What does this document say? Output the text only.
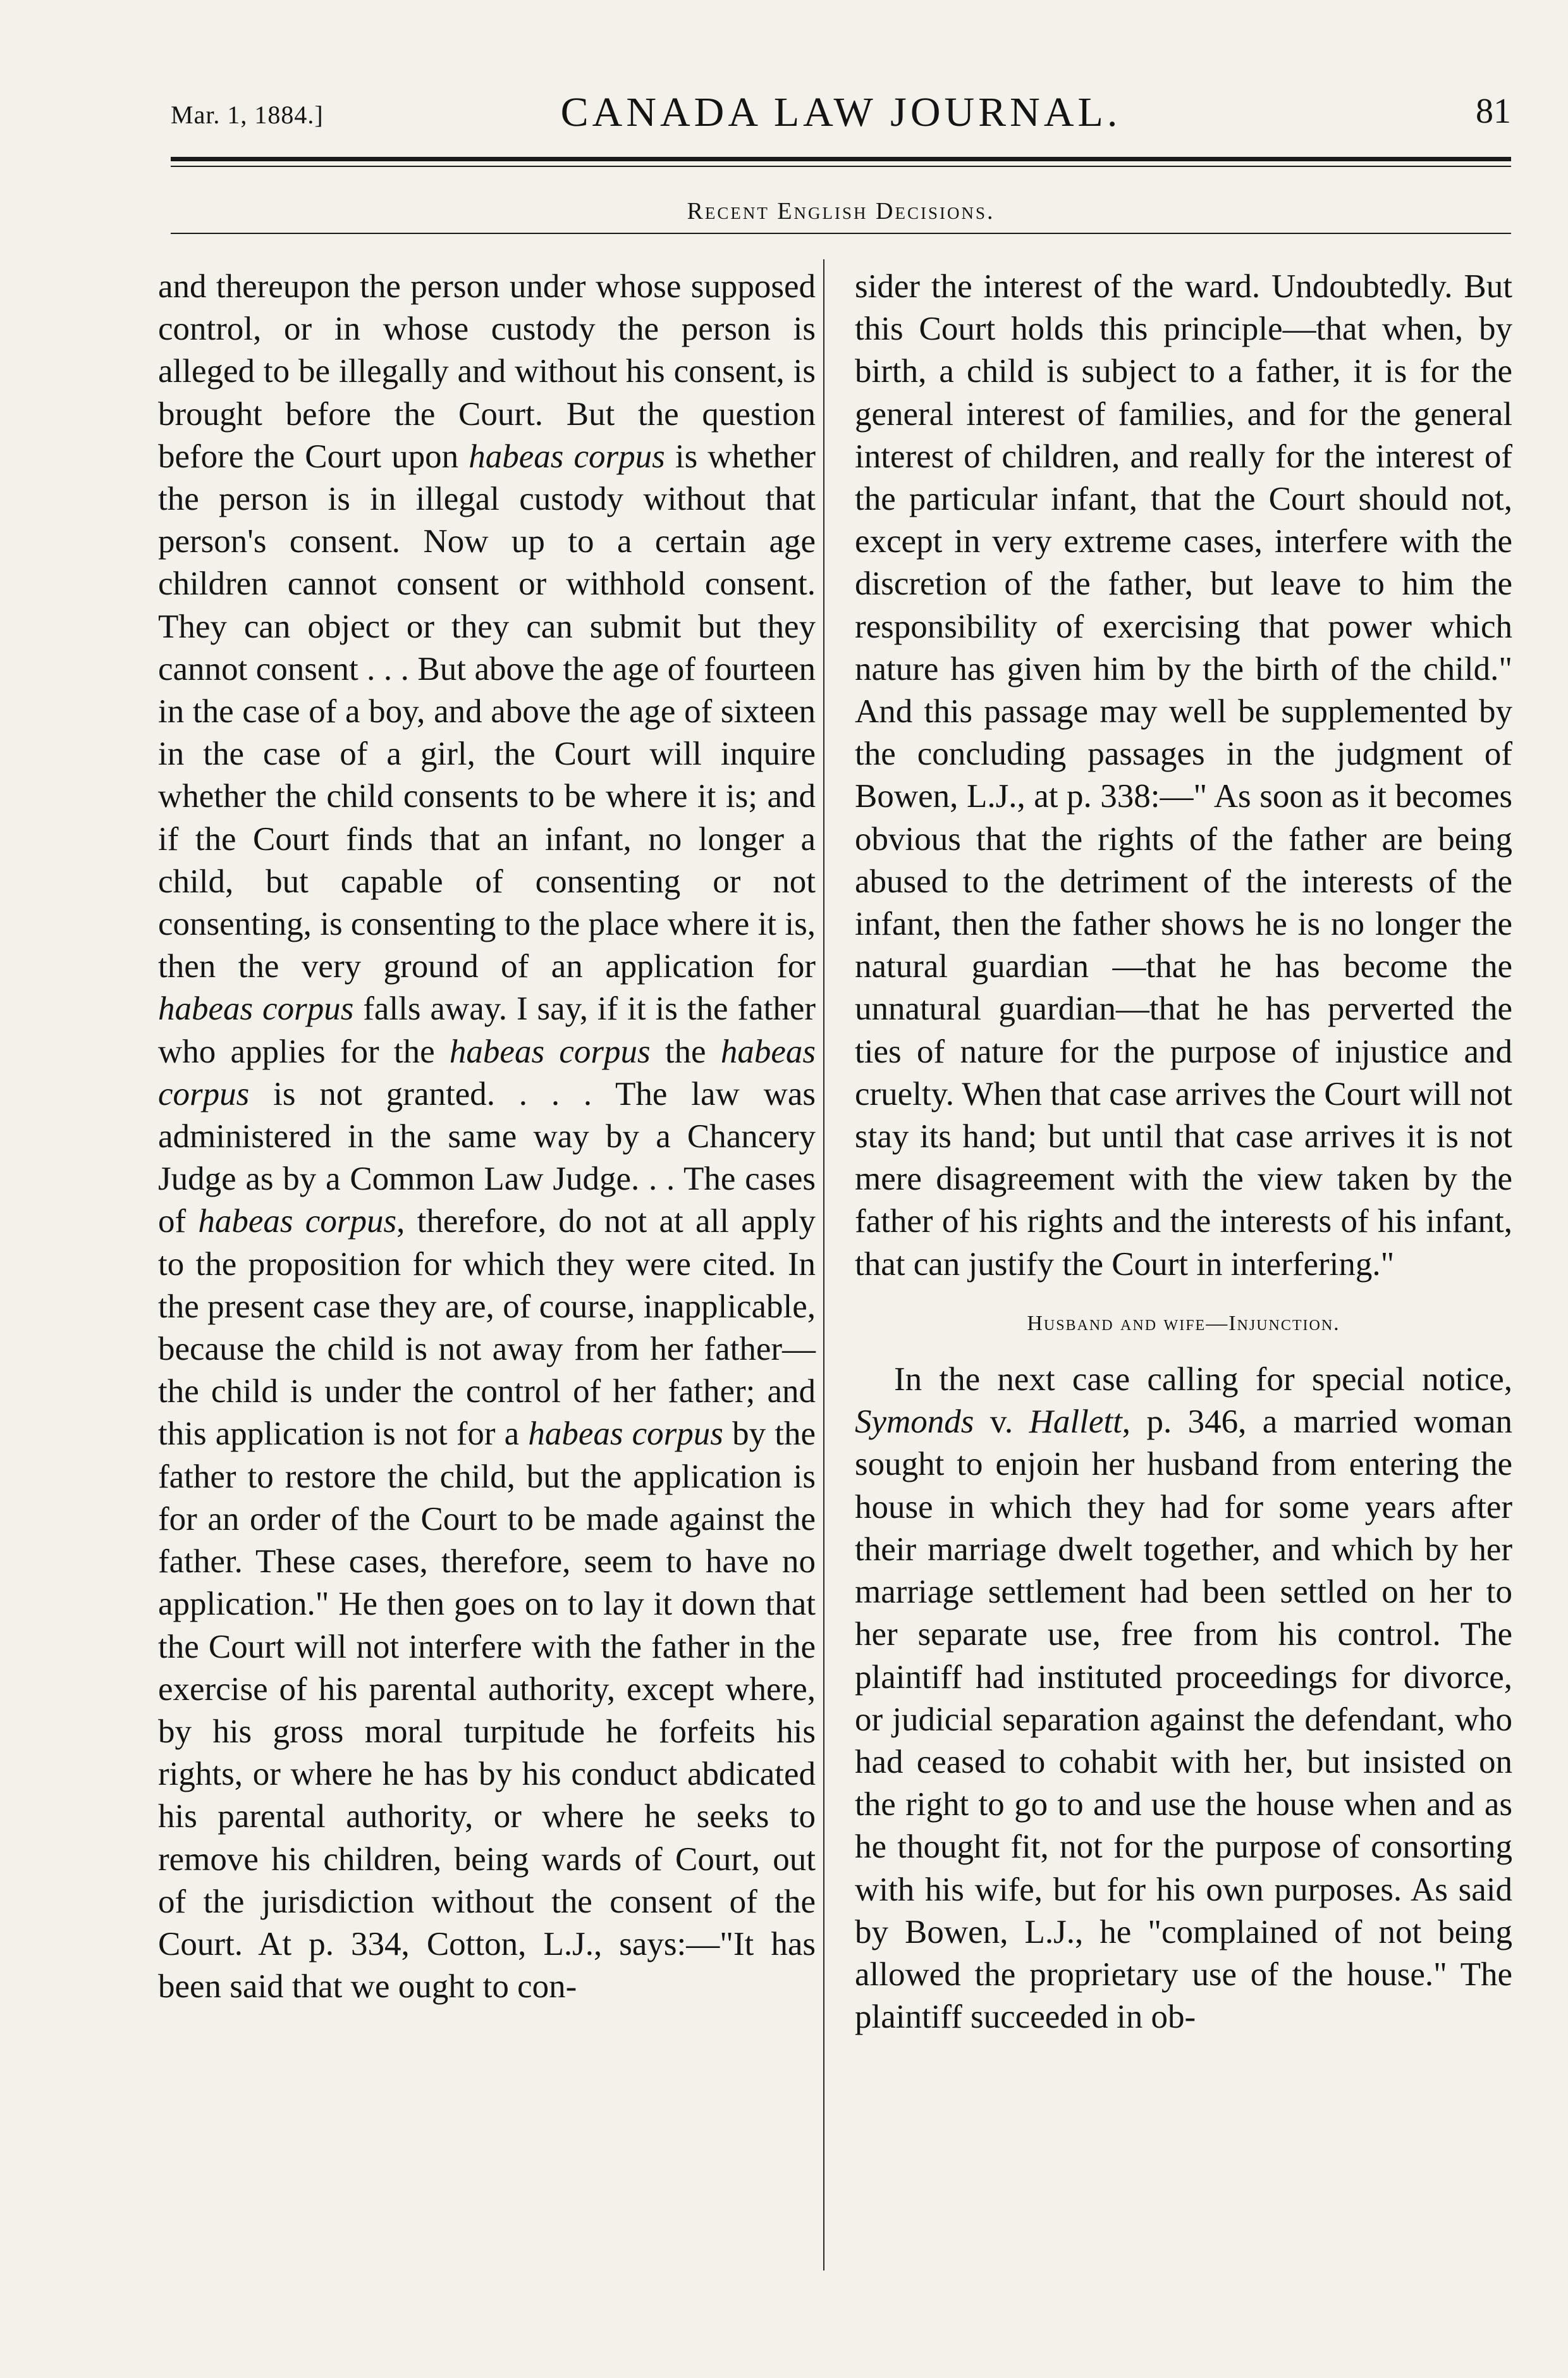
Mar. 1, 1884.]	CANADA LAW JOURNAL.	81
Recent English Decisions.

and thereupon the person under whose supposed control, or in whose custody the person is alleged to be illegally and without his consent, is brought before the Court. But the question before the Court upon habeas corpus is whether the person is in illegal custody without that person's consent. Now up to a certain age children cannot consent or withhold consent. They can object or they can submit but they cannot consent . . . But above the age of fourteen in the case of a boy, and above the age of sixteen in the case of a girl, the Court will inquire whether the child consents to be where it is; and if the Court finds that an infant, no longer a child, but capable of consenting or not consenting, is consenting to the place where it is, then the very ground of an application for habeas corpus falls away. I say, if it is the father who applies for the habeas corpus the habeas corpus is not granted. . . . The law was administered in the same way by a Chancery Judge as by a Common Law Judge. . . The cases of habeas corpus, therefore, do not at all apply to the proposition for which they were cited. In the present case they are, of course, inapplicable, because the child is not away from her father—the child is under the control of her father; and this application is not for a habeas corpus by the father to restore the child, but the application is for an order of the Court to be made against the father. These cases, therefore, seem to have no application." He then goes on to lay it down that the Court will not interfere with the father in the exercise of his parental authority, except where, by his gross moral turpitude he forfeits his rights, or where he has by his conduct abdicated his parental authority, or where he seeks to remove his children, being wards of Court, out of the jurisdiction without the consent of the Court. At p. 334, Cotton, L.J., says:—"It has been said that we ought to con-

sider the interest of the ward. Undoubtedly. But this Court holds this principle—that when, by birth, a child is subject to a father, it is for the general interest of families, and for the general interest of children, and really for the interest of the particular infant, that the Court should not, except in very extreme cases, interfere with the discretion of the father, but leave to him the responsibility of exercising that power which nature has given him by the birth of the child." And this passage may well be supplemented by the concluding passages in the judgment of Bowen, L.J., at p. 338:—" As soon as it becomes obvious that the rights of the father are being abused to the detriment of the interests of the infant, then the father shows he is no longer the natural guardian —that he has become the unnatural guardian—that he has perverted the ties of nature for the purpose of injustice and cruelty. When that case arrives the Court will not stay its hand; but until that case arrives it is not mere disagreement with the view taken by the father of his rights and the interests of his infant, that can justify the Court in interfering."

Husband and wife—Injunction.

In the next case calling for special notice, Symonds v. Hallett, p. 346, a married woman sought to enjoin her husband from entering the house in which they had for some years after their marriage dwelt together, and which by her marriage settlement had been settled on her to her separate use, free from his control. The plaintiff had instituted proceedings for divorce, or judicial separation against the defendant, who had ceased to cohabit with her, but insisted on the right to go to and use the house when and as he thought fit, not for the purpose of consorting with his wife, but for his own purposes. As said by Bowen, L.J., he "complained of not being allowed the proprietary use of the house." The plaintiff succeeded in ob-
